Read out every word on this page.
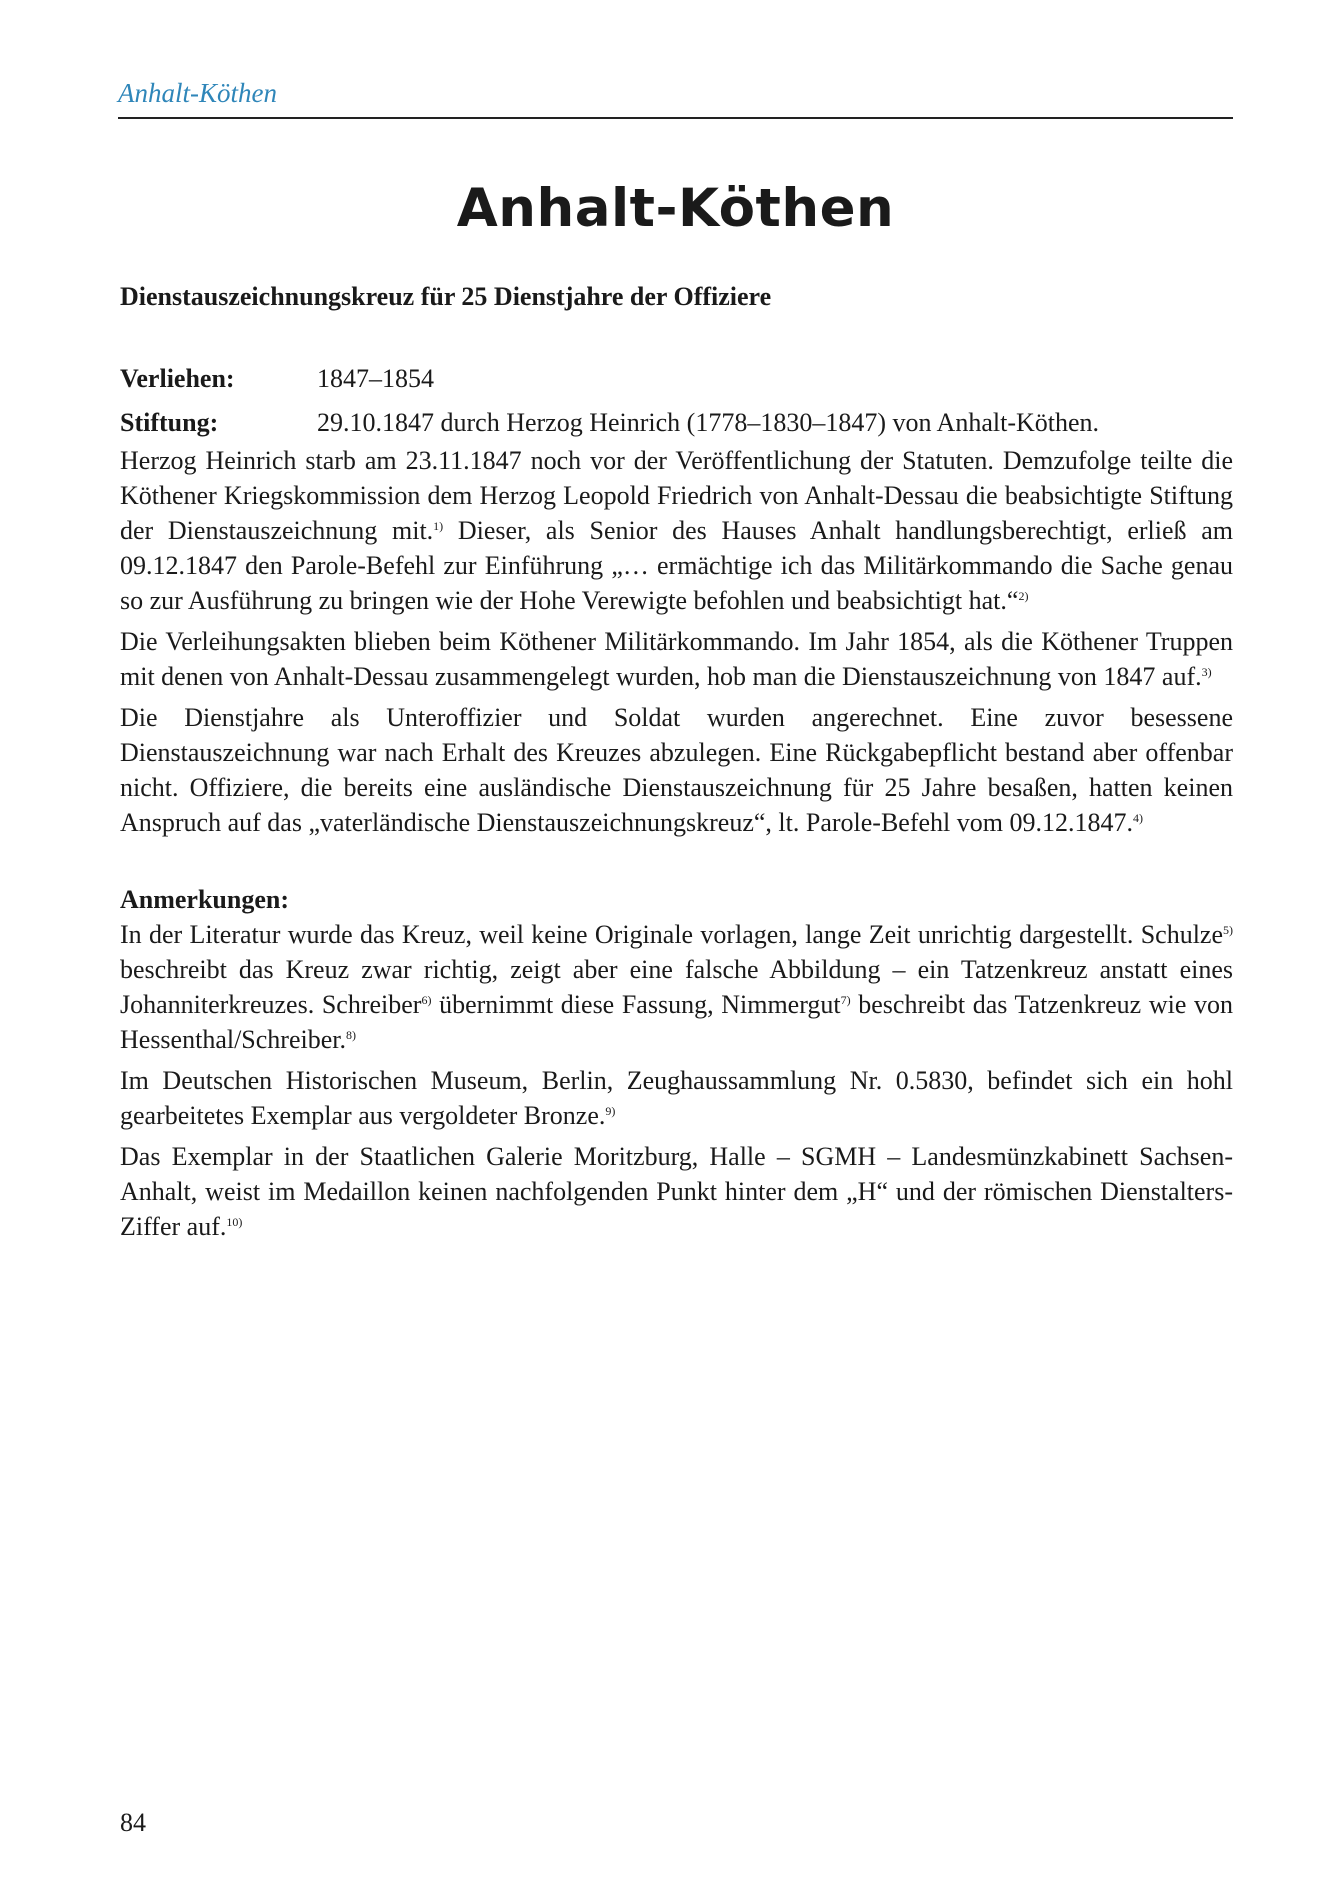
Anhalt-Köthen
Anhalt-Köthen

Dienstauszeichnungskreuz für 25 Dienstjahre der Offiziere

Verliehen:	1847–1854
Stiftung:	29.10.1847 durch Herzog Heinrich (1778–1830–1847) von Anhalt-Köthen.

Herzog Heinrich starb am 23.11.1847 noch vor der Veröffentlichung der Statuten. Demzufolge teilte die Köthener Kriegskommission dem Herzog Leopold Friedrich von Anhalt-Dessau die beabsichtigte Stiftung der Dienstauszeichnung mit.$^{1)}$ Dieser, als Senior des Hauses Anhalt handlungsberechtigt, erließ am 09.12.1847 den Parole-Befehl zur Einführung „… ermächtige ich das Militärkommando die Sache genau so zur Ausführung zu bringen wie der Hohe Verewigte befohlen und beabsichtigt hat.“$^{2)}$

Die Verleihungsakten blieben beim Köthener Militärkommando. Im Jahr 1854, als die Köthener Truppen mit denen von Anhalt-Dessau zusammengelegt wurden, hob man die Dienstauszeichnung von 1847 auf.$^{3)}$

Die Dienstjahre als Unteroffizier und Soldat wurden angerechnet. Eine zuvor besessene Dienstauszeichnung war nach Erhalt des Kreuzes abzulegen. Eine Rückgabepflicht bestand aber offenbar nicht. Offiziere, die bereits eine ausländische Dienstauszeichnung für 25 Jahre besaßen, hatten keinen Anspruch auf das „vaterländische Dienstauszeichnungskreuz“, lt. Parole-Befehl vom 09.12.1847.$^{4)}$

Anmerkungen:

In der Literatur wurde das Kreuz, weil keine Originale vorlagen, lange Zeit unrichtig dargestellt. Schulze$^{5)}$ beschreibt das Kreuz zwar richtig, zeigt aber eine falsche Abbildung – ein Tatzenkreuz anstatt eines Johanniterkreuzes. Schreiber$^{6)}$ übernimmt diese Fassung, Nimmergut$^{7)}$ beschreibt das Tatzenkreuz wie von Hessenthal/Schreiber.$^{8)}$

Im Deutschen Historischen Museum, Berlin, Zeughaussammlung Nr. 0.5830, befindet sich ein hohl gearbeitetes Exemplar aus vergoldeter Bronze.$^{9)}$

Das Exemplar in der Staatlichen Galerie Moritzburg, Halle – SGMH – Landesmünzkabinett Sachsen-Anhalt, weist im Medaillon keinen nachfolgenden Punkt hinter dem „H“ und der römischen Dienstalters-Ziffer auf.$^{10)}$

84
